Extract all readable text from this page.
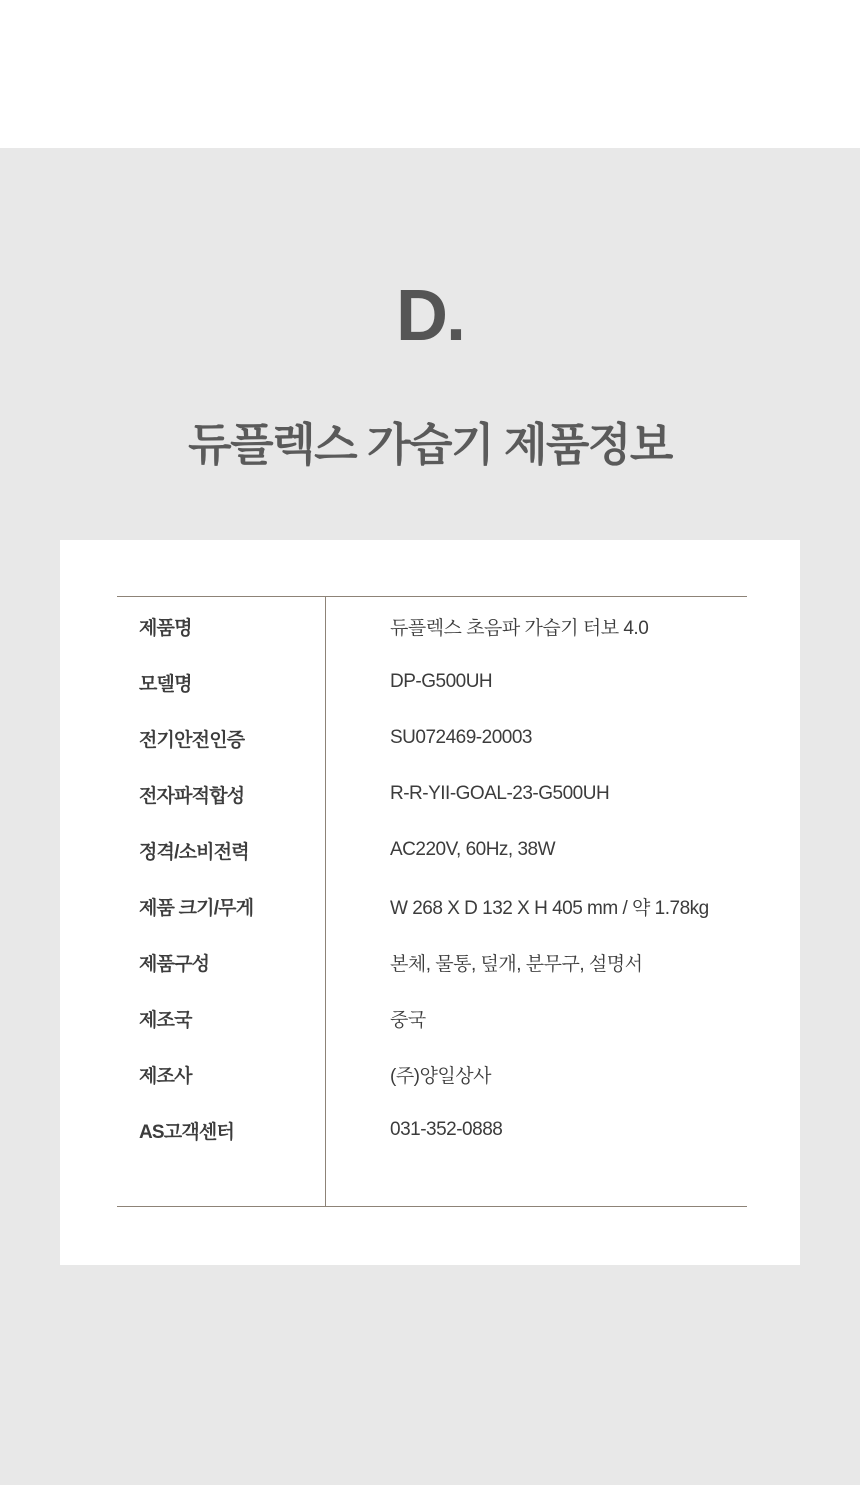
D.
듀플렉스 가습기 제품정보
제품명	듀플렉스 초음파 가습기 터보 4.0
모델명	DP-G500UH
전기안전인증	SU072469-20003
전자파적합성	R-R-YII-GOAL-23-G500UH
정격/소비전력	AC220V, 60Hz, 38W
제품 크기/무게	W 268 X D 132 X H 405 mm / 약 1.78kg
제품구성	본체, 물통, 덮개, 분무구, 설명서
제조국	중국
제조사	(주)양일상사
AS고객센터	031-352-0888
